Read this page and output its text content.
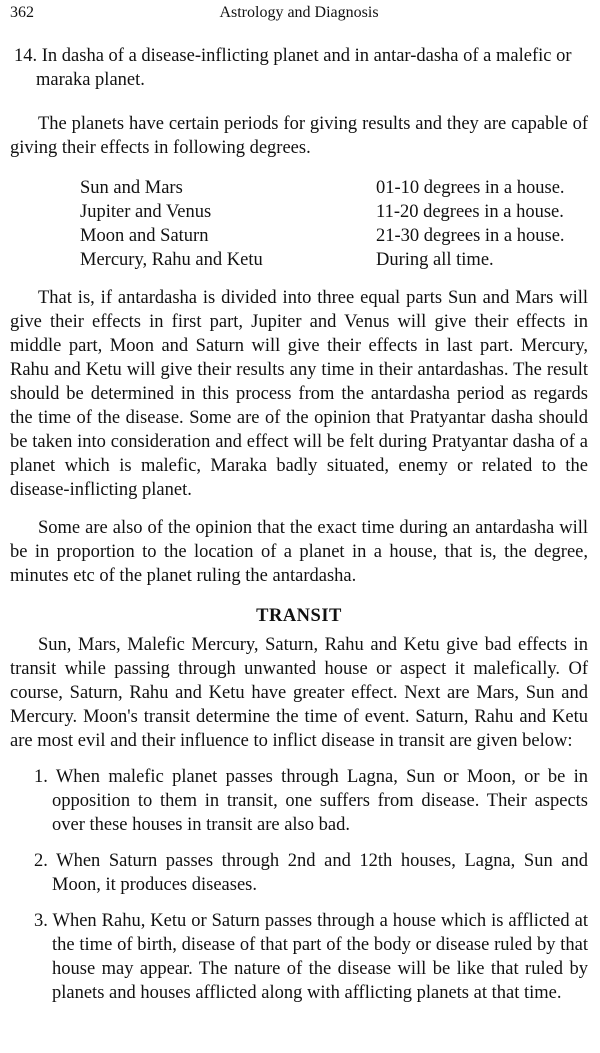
362	Astrology and Diagnosis

14. In dasha of a disease-inflicting planet and in antar-dasha of a malefic or maraka planet.

The planets have certain periods for giving results and they are capable of giving their effects in following degrees.

Sun and Mars	01-10 degrees in a house.
Jupiter and Venus	11-20 degrees in a house.
Moon and Saturn	21-30 degrees in a house.
Mercury, Rahu and Ketu	During all time.

That is, if antardasha is divided into three equal parts Sun and Mars will give their effects in first part, Jupiter and Venus will give their effects in middle part, Moon and Saturn will give their effects in last part. Mercury, Rahu and Ketu will give their results any time in their antardashas. The result should be determined in this process from the antardasha period as regards the time of the disease. Some are of the opinion that Pratyantar dasha should be taken into consideration and effect will be felt during Pratyantar dasha of a planet which is malefic, Maraka badly situated, enemy or related to the disease-inflicting planet.

Some are also of the opinion that the exact time during an antardasha will be in proportion to the location of a planet in a house, that is, the degree, minutes etc of the planet ruling the antardasha.

TRANSIT

Sun, Mars, Malefic Mercury, Saturn, Rahu and Ketu give bad effects in transit while passing through unwanted house or aspect it malefically. Of course, Saturn, Rahu and Ketu have greater effect. Next are Mars, Sun and Mercury. Moon's transit determine the time of event. Saturn, Rahu and Ketu are most evil and their influence to inflict disease in transit are given below:

1. When malefic planet passes through Lagna, Sun or Moon, or be in opposition to them in transit, one suffers from disease. Their aspects over these houses in transit are also bad.
2. When Saturn passes through 2nd and 12th houses, Lagna, Sun and Moon, it produces diseases.
3. When Rahu, Ketu or Saturn passes through a house which is afflicted at the time of birth, disease of that part of the body or disease ruled by that house may appear. The nature of the disease will be like that ruled by planets and houses afflicted along with afflicting planets at that time.
